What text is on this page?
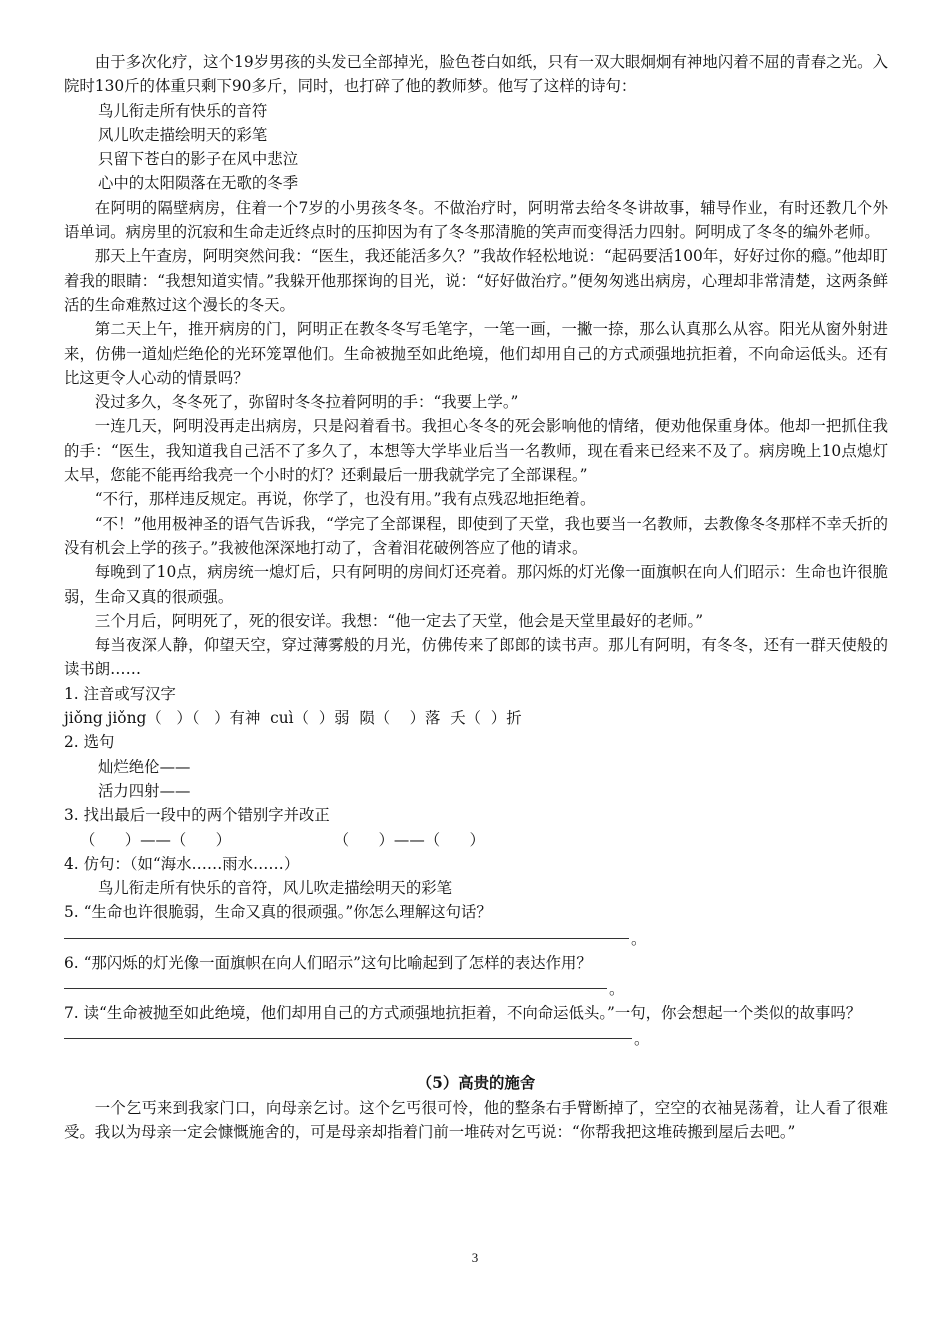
由于多次化疗，这个19岁男孩的头发已全部掉光，脸色苍白如纸，只有一双大眼炯炯有神地闪着不屈的青春之光。入院时130斤的体重只剩下90多斤，同时，也打碎了他的教师梦。他写了这样的诗句：

鸟儿衔走所有快乐的音符

风儿吹走描绘明天的彩笔

只留下苍白的影子在风中悲泣

心中的太阳陨落在无歌的冬季

在阿明的隔壁病房，住着一个7岁的小男孩冬冬。不做治疗时，阿明常去给冬冬讲故事，辅导作业，有时还教几个外语单词。病房里的沉寂和生命走近终点时的压抑因为有了冬冬那清脆的笑声而变得活力四射。阿明成了冬冬的编外老师。

那天上午查房，阿明突然问我：“医生，我还能活多久？”我故作轻松地说：“起码要活100年，好好过你的瘾。”他却盯着我的眼睛：“我想知道实情。”我躲开他那探询的目光，说：“好好做治疗。”便匆匆逃出病房，心理却非常清楚，这两条鲜活的生命难熬过这个漫长的冬天。

第二天上午，推开病房的门，阿明正在教冬冬写毛笔字，一笔一画，一撇一捺，那么认真那么从容。阳光从窗外射进来，仿佛一道灿烂绝伦的光环笼罩他们。生命被抛至如此绝境，他们却用自己的方式顽强地抗拒着，不向命运低头。还有比这更令人心动的情景吗？

没过多久，冬冬死了，弥留时冬冬拉着阿明的手：“我要上学。”

一连几天，阿明没再走出病房，只是闷着看书。我担心冬冬的死会影响他的情绪，便劝他保重身体。他却一把抓住我的手：“医生，我知道我自己活不了多久了，本想等大学毕业后当一名教师，现在看来已经来不及了。病房晚上10点熄灯太早，您能不能再给我亮一个小时的灯？还剩最后一册我就学完了全部课程。”

“不行，那样违反规定。再说，你学了，也没有用。”我有点残忍地拒绝着。

“不！”他用极神圣的语气告诉我，“学完了全部课程，即使到了天堂，我也要当一名教师，去教像冬冬那样不幸夭折的没有机会上学的孩子。”我被他深深地打动了，含着泪花破例答应了他的请求。

每晚到了10点，病房统一熄灯后，只有阿明的房间灯还亮着。那闪烁的灯光像一面旗帜在向人们昭示：生命也许很脆弱，生命又真的很顽强。

三个月后，阿明死了，死的很安详。我想：“他一定去了天堂，他会是天堂里最好的老师。”

每当夜深人静，仰望天空，穿过薄雾般的月光，仿佛传来了郎郎的读书声。那儿有阿明，有冬冬，还有一群天使般的读书朗……

1. 注音或写汉字

jiǒng jiǒng（   ）（   ）有神  cuì（  ）弱  陨（    ）落  夭（  ）折

2. 选句

灿烂绝伦——

活力四射——

3. 找出最后一段中的两个错别字并改正

（      ）——（      ）                     （      ）——（      ）

4. 仿句：（如“海水……雨水……）

鸟儿衔走所有快乐的音符，风儿吹走描绘明天的彩笔

5. “生命也许很脆弱，生命又真的很顽强。”你怎么理解这句话？

。

6. “那闪烁的灯光像一面旗帜在向人们昭示”这句比喻起到了怎样的表达作用？

。

7. 读“生命被抛至如此绝境，他们却用自己的方式顽强地抗拒着，不向命运低头。”一句，你会想起一个类似的故事吗？

。

（5）高贵的施舍

一个乞丐来到我家门口，向母亲乞讨。这个乞丐很可怜，他的整条右手臂断掉了，空空的衣袖晃荡着，让人看了很难受。我以为母亲一定会慷慨施舍的，可是母亲却指着门前一堆砖对乞丐说：“你帮我把这堆砖搬到屋后去吧。”

3
